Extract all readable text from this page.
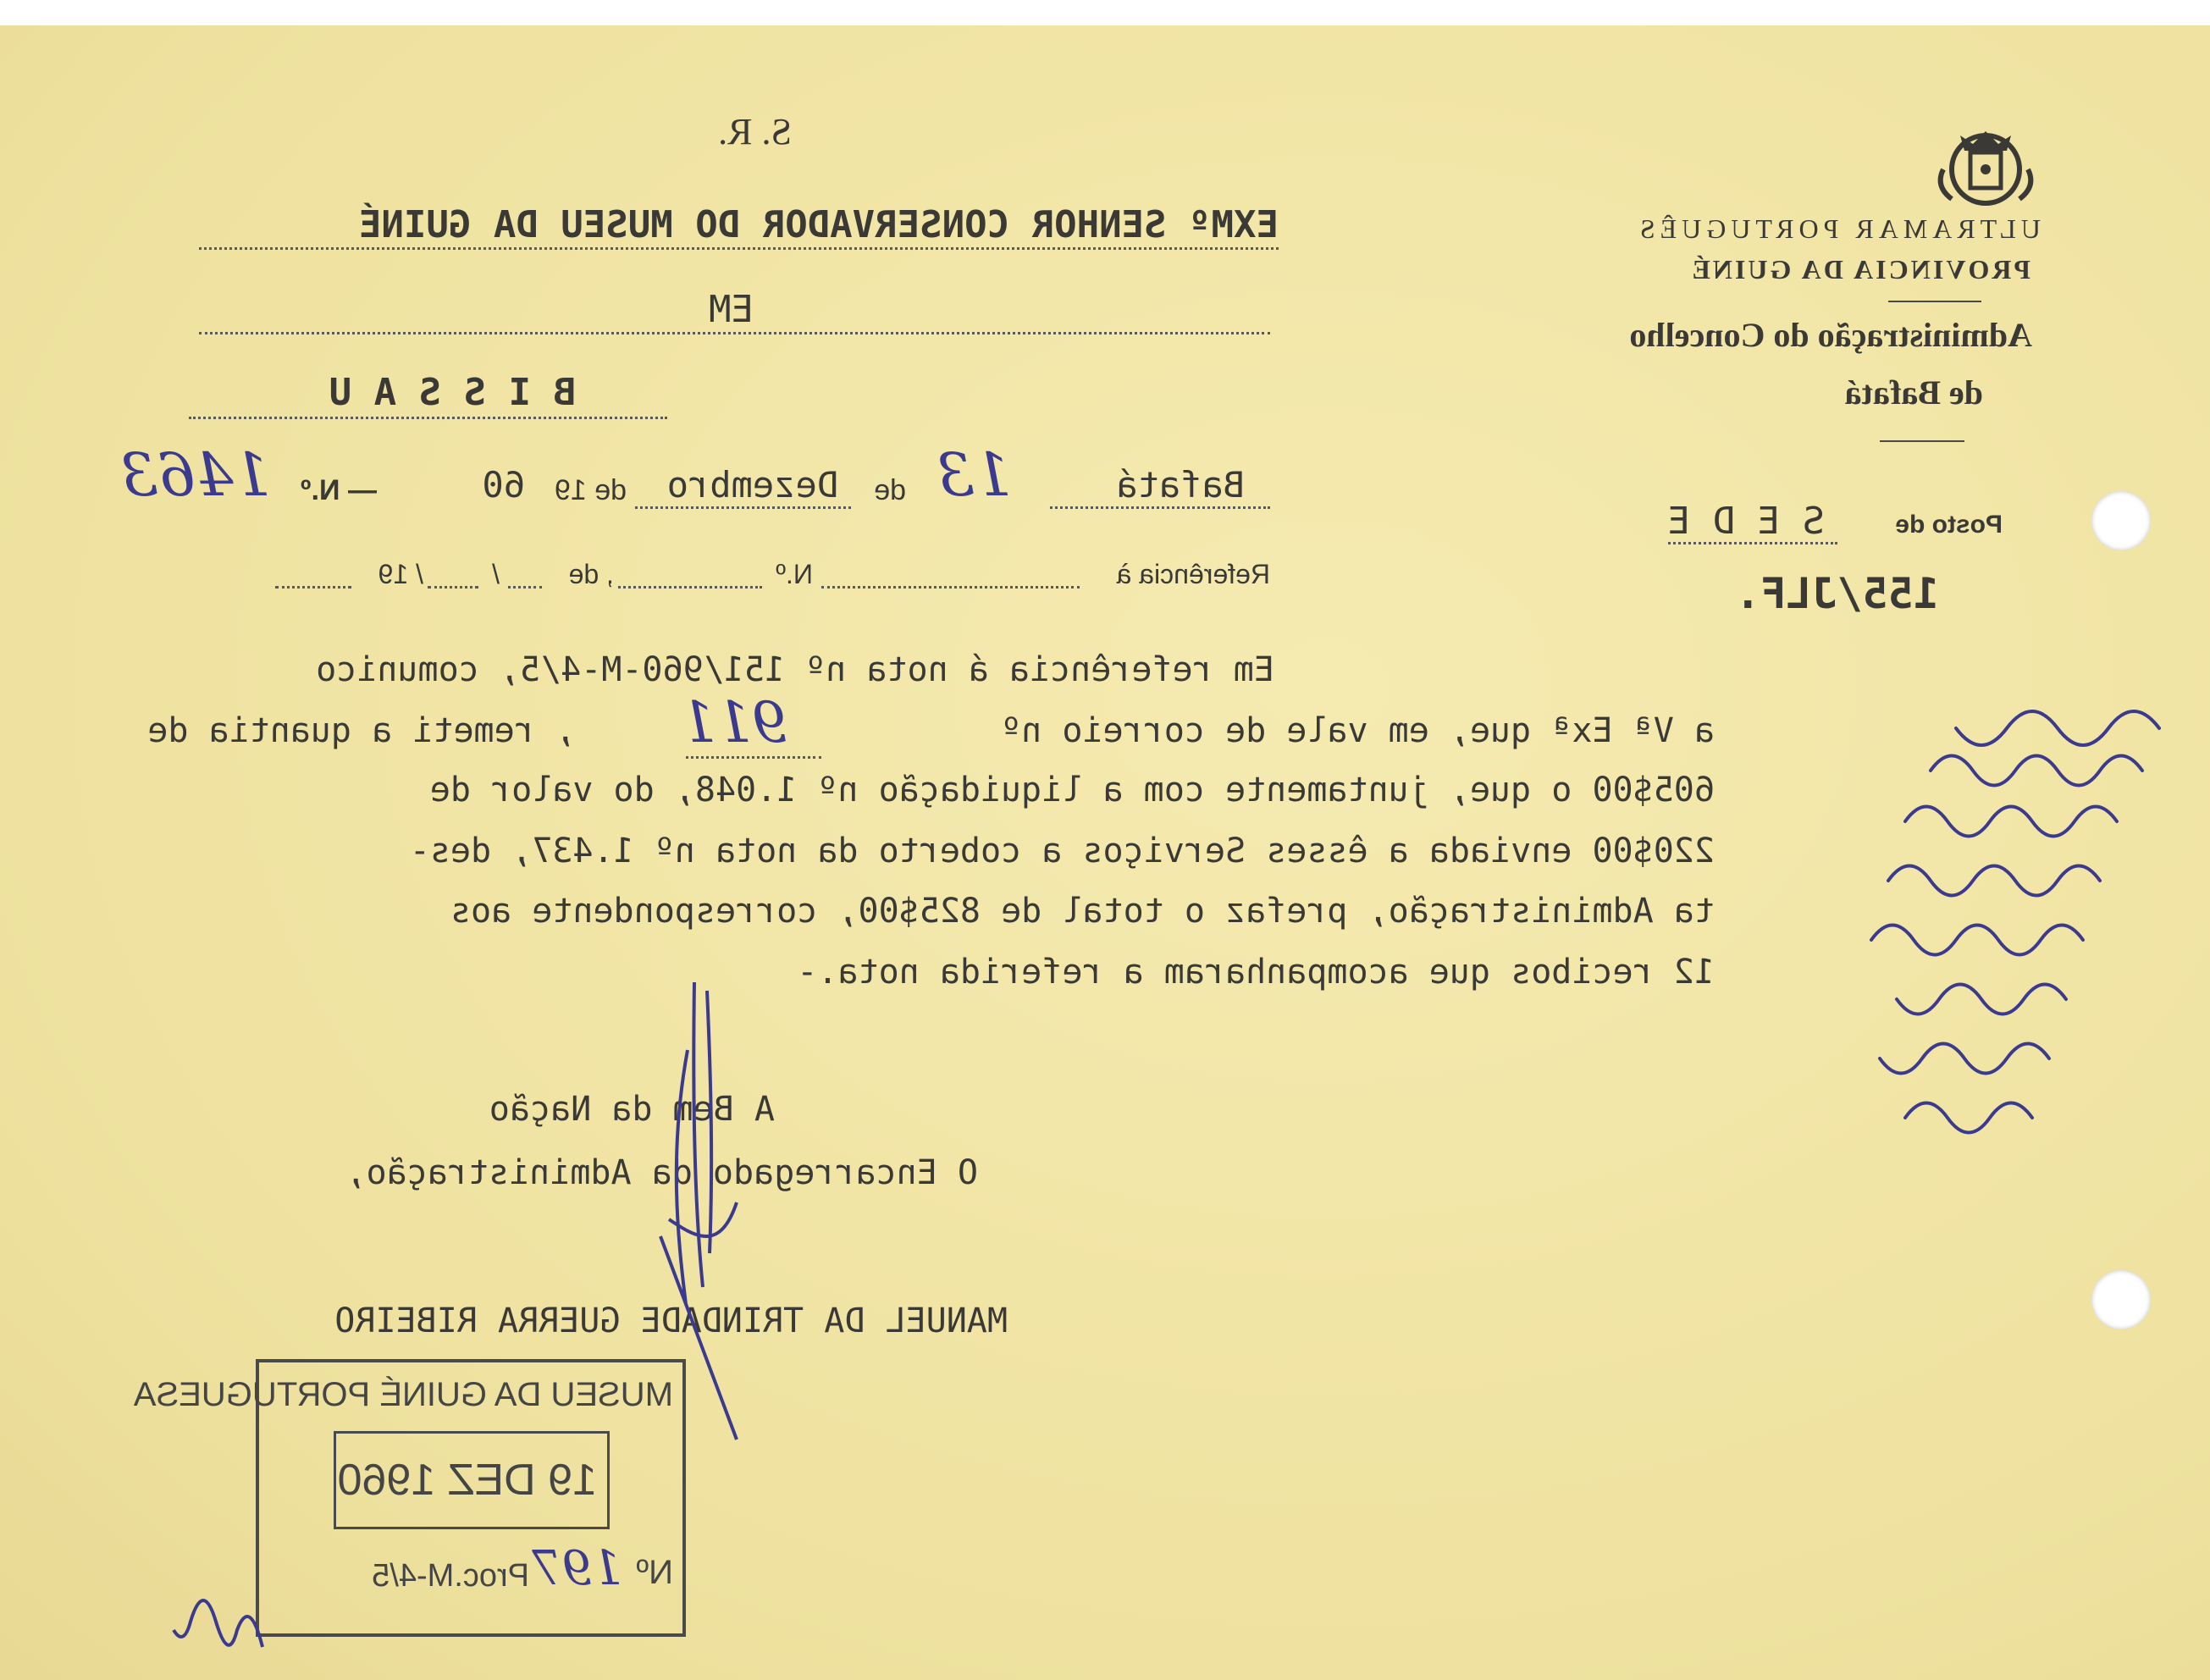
ULTRAMAR PORTUGUÊS
PROVINCIA DA GUINÉ
Administração do Concelho
de Bafatá
Posto de
S E D E
155/JLF.
S. R.
EXMº SENHOR CONSERVADOR DO MUSEU DA GUINÉ
EM
B I S S A U
Bafatá
13
de
Dezembro
de 19
60
— N.º
1463
Referência à
N.º
, de
/
/ 19
Em referência á nota nº 151/960-M-4/5, comunico
a Vª Exª que, em vale de correio nº
911
, remeti a quantia de
605$00 o que, juntamente com a liquidação nº 1.048, do valor de
220$00 enviada a êsses Serviços a coberto da nota nº 1.437, des-
ta Administração, prefaz o total de 825$00, correspondente aos
12 recibos que acompanharam a referida nota.-
A Bem da Nação
O Encarregado da Administração,
MANUEL DA TRINDADE GUERRA RIBEIRO
MUSEU DA GUINÉ PORTUGUESA
19 DEZ 1960
Nº
197
Proc.M-4/5
